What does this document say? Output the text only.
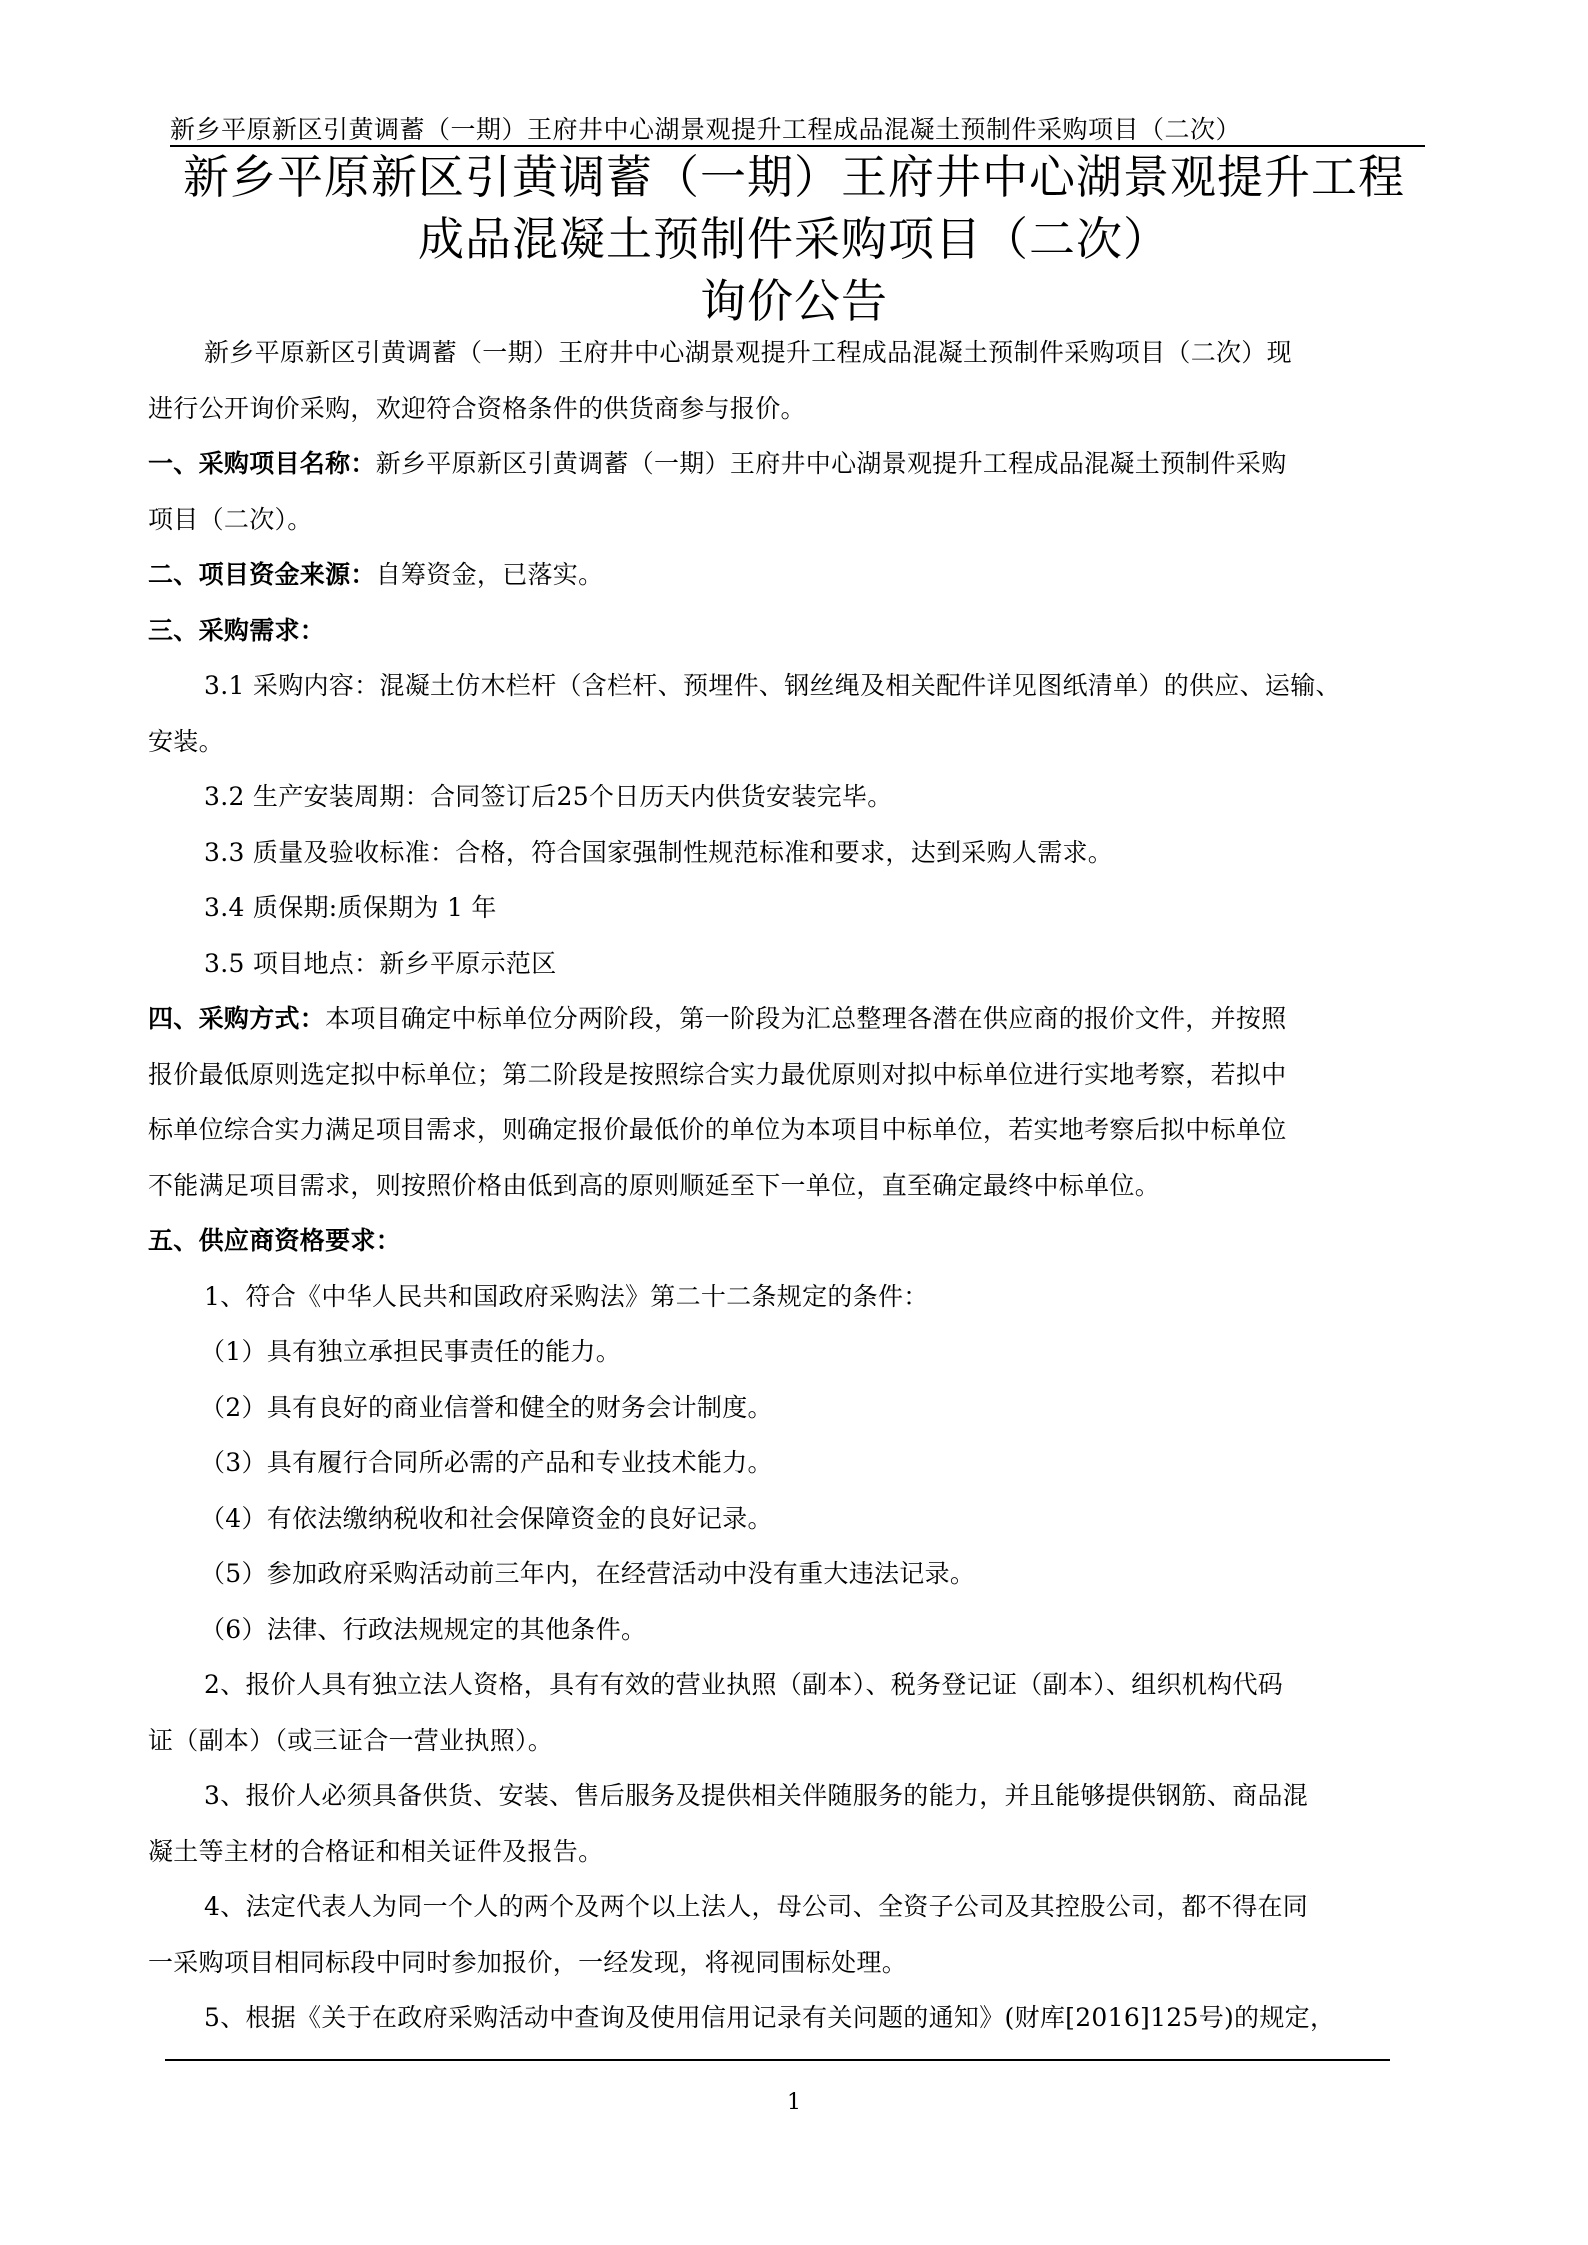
新乡平原新区引黄调蓄（一期）王府井中心湖景观提升工程成品混凝土预制件采购项目（二次）
新乡平原新区引黄调蓄（一期）王府井中心湖景观提升工程
成品混凝土预制件采购项目（二次）
询价公告
新乡平原新区引黄调蓄（一期）王府井中心湖景观提升工程成品混凝土预制件采购项目（二次）现
进行公开询价采购，欢迎符合资格条件的供货商参与报价。
一、采购项目名称：新乡平原新区引黄调蓄（一期）王府井中心湖景观提升工程成品混凝土预制件采购
项目（二次）。
二、项目资金来源：自筹资金，已落实。
三、采购需求：
3.1 采购内容：混凝土仿木栏杆（含栏杆、预埋件、钢丝绳及相关配件详见图纸清单）的供应、运输、
安装。
3.2 生产安装周期：合同签订后25个日历天内供货安装完毕。
3.3 质量及验收标准：合格，符合国家强制性规范标准和要求，达到采购人需求。
3.4 质保期:质保期为 1 年
3.5 项目地点：新乡平原示范区
四、采购方式：本项目确定中标单位分两阶段，第一阶段为汇总整理各潜在供应商的报价文件，并按照
报价最低原则选定拟中标单位；第二阶段是按照综合实力最优原则对拟中标单位进行实地考察，若拟中
标单位综合实力满足项目需求，则确定报价最低价的单位为本项目中标单位，若实地考察后拟中标单位
不能满足项目需求，则按照价格由低到高的原则顺延至下一单位，直至确定最终中标单位。
五、供应商资格要求：
1、符合《中华人民共和国政府采购法》第二十二条规定的条件：
（1）具有独立承担民事责任的能力。
（2）具有良好的商业信誉和健全的财务会计制度。
（3）具有履行合同所必需的产品和专业技术能力。
（4）有依法缴纳税收和社会保障资金的良好记录。
（5）参加政府采购活动前三年内，在经营活动中没有重大违法记录。
（6）法律、行政法规规定的其他条件。
2、报价人具有独立法人资格，具有有效的营业执照（副本）、税务登记证（副本）、组织机构代码
证（副本）（或三证合一营业执照）。
3、报价人必须具备供货、安装、售后服务及提供相关伴随服务的能力，并且能够提供钢筋、商品混
凝土等主材的合格证和相关证件及报告。
4、法定代表人为同一个人的两个及两个以上法人，母公司、全资子公司及其控股公司，都不得在同
一采购项目相同标段中同时参加报价，一经发现，将视同围标处理。
5、根据《关于在政府采购活动中查询及使用信用记录有关问题的通知》(财库[2016]125号)的规定，
1
